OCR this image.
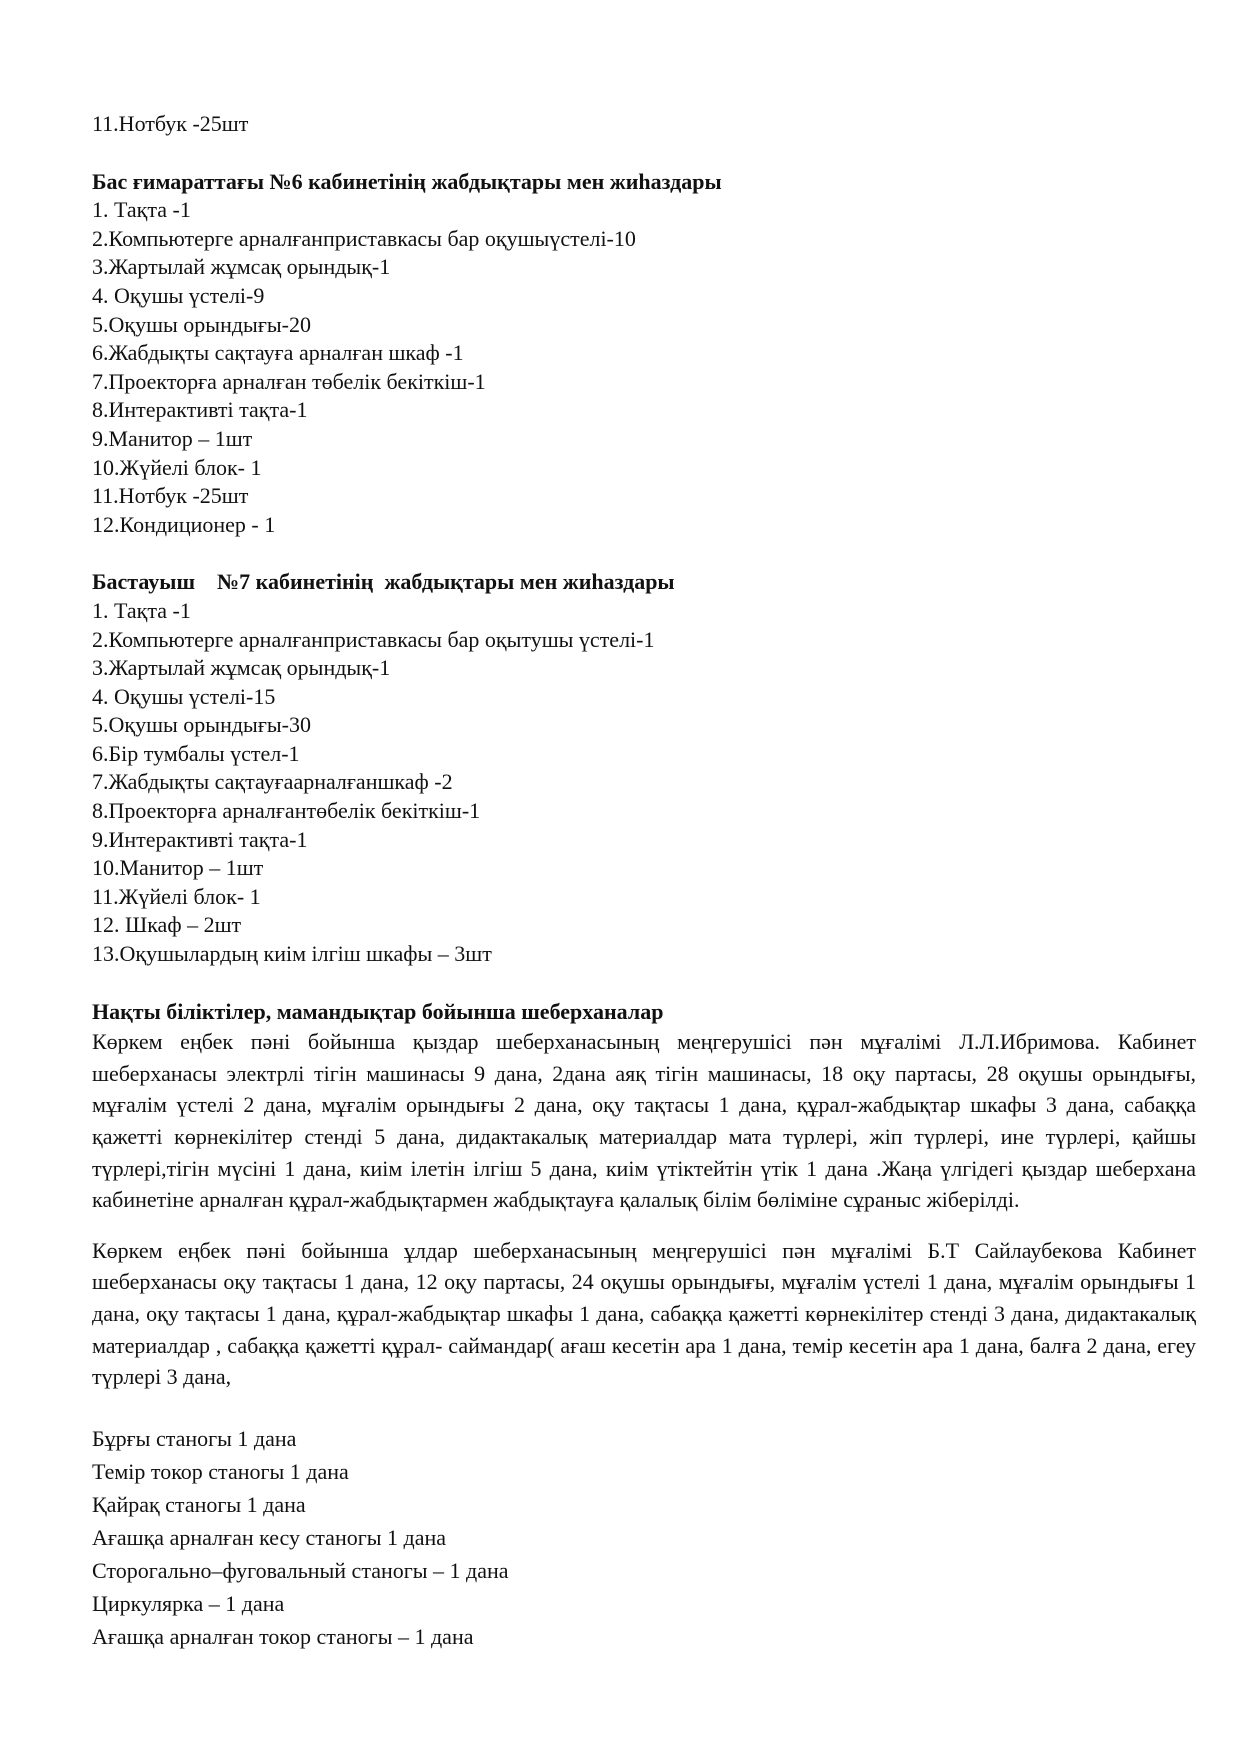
11.Нотбук -25шт

Бас ғимараттағы №6 кабинетінің жабдықтары мен жиһаздары

1. Тақта -1

2.Компьютерге арналғанприставкасы бар оқушыүстелі-10

3.Жартылай жұмсақ орындық-1

4. Оқушы үстелі-9

5.Оқушы орындығы-20

6.Жабдықты сақтауға арналған шкаф -1

7.Проекторға арналған төбелік бекіткіш-1

8.Интерактивті тақта-1

9.Манитор – 1шт

10.Жүйелі блок- 1

11.Нотбук -25шт

12.Кондиционер - 1

Бастауыш    №7 кабинетінің  жабдықтары мен жиһаздары

1. Тақта -1

2.Компьютерге арналғанприставкасы бар оқытушы үстелі-1

3.Жартылай жұмсақ орындық-1

4. Оқушы үстелі-15

5.Оқушы орындығы-30

6.Бір тумбалы үстел-1

7.Жабдықты сақтауғаарналғаншкаф -2

8.Проекторға арналғантөбелік бекіткіш-1

9.Интерактивті тақта-1

10.Манитор – 1шт

11.Жүйелі блок- 1

12. Шкаф – 2шт

13.Оқушылардың киім ілгіш шкафы – 3шт

Нақты біліктілер, мамандықтар бойынша шеберханалар

Көркем еңбек пәні бойынша қыздар шеберханасының меңгерушісі пән мұғалімі Л.Л.Ибримова. Кабинет шеберханасы электрлі тігін машинасы 9 дана, 2дана аяқ тігін машинасы, 18 оқу партасы, 28 оқушы орындығы, мұғалім үстелі 2 дана, мұғалім орындығы 2 дана, оқу тақтасы 1 дана, құрал-жабдықтар шкафы 3 дана, сабаққа қажетті көрнекілітер стенді 5 дана, дидактакалық материалдар мата түрлері, жіп түрлері, ине түрлері, қайшы түрлері,тігін мүсіні 1 дана, киім ілетін ілгіш 5 дана, киім үтіктейтін үтік 1 дана .Жаңа үлгідегі қыздар шеберхана кабинетіне арналған құрал-жабдықтармен жабдықтауға қалалық білім бөліміне сұраныс жіберілді.

Көркем еңбек пәні бойынша ұлдар шеберханасының меңгерушісі пән мұғалімі Б.Т Сайлаубекова Кабинет шеберханасы оқу тақтасы 1 дана, 12 оқу партасы, 24 оқушы орындығы, мұғалім үстелі 1 дана, мұғалім орындығы 1 дана, оқу тақтасы 1 дана, құрал-жабдықтар шкафы 1 дана, сабаққа қажетті көрнекілітер стенді 3 дана, дидактакалық материалдар , сабаққа қажетті құрал- саймандар( ағаш кесетін ара 1 дана, темір кесетін ара 1 дана, балға 2 дана, егеу түрлері 3 дана,

Бұрғы станогы 1 дана

Темір токор станогы 1 дана

Қайрақ станогы 1 дана

Ағашқа арналған кесу станогы 1 дана

Сторогально–фуговальный станогы – 1 дана

Циркулярка – 1 дана

Ағашқа арналған токор станогы – 1 дана
